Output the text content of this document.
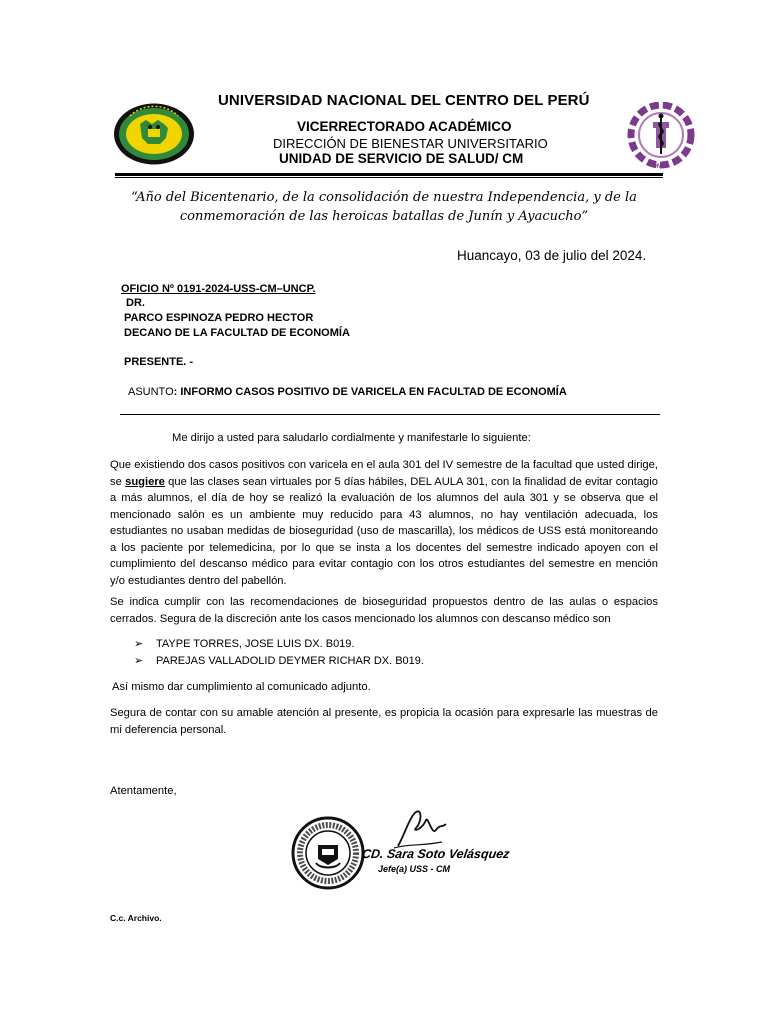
UNCP
UNIVERSIDAD NACIONAL DEL CENTRO DEL PERÚ
VICERRECTORADO ACADÉMICO
DIRECCIÓN DE BIENESTAR UNIVERSITARIO
UNIDAD DE SERVICIO DE SALUD/ CM
“Año del Bicentenario, de la consolidación de nuestra Independencia, y de la
conmemoración de las heroicas batallas de Junín y Ayacucho”
Huancayo, 03 de julio del 2024.
OFICIO Nº 0191-2024-USS-CM–UNCP.
DR.
PARCO ESPINOZA PEDRO HECTOR
DECANO DE LA FACULTAD DE ECONOMÍA
PRESENTE. -
ASUNTO: INFORMO CASOS POSITIVO DE VARICELA EN FACULTAD DE ECONOMÍA
Me dirijo a usted para saludarlo cordialmente y manifestarle lo siguiente:
Que existiendo dos casos positivos con varicela en el aula 301 del IV semestre de la facultad que usted dirige, se sugiere que las clases sean virtuales por 5 días hábiles, DEL AULA 301, con la finalidad de evitar contagio a más alumnos, el día de hoy se realizó la evaluación de los alumnos del aula 301 y se observa que el mencionado salón es un ambiente muy reducido para 43 alumnos, no hay ventilación adecuada, los estudiantes no usaban medidas de bioseguridad (uso de mascarilla), los médicos de USS está monitoreando a los paciente por telemedicina, por lo que se insta a los docentes del semestre indicado apoyen con el cumplimiento del descanso médico para evitar contagio con los otros estudiantes del semestre en mención y/o estudiantes dentro del pabellón.
Se indica cumplir con las recomendaciones de bioseguridad propuestos dentro de las aulas o espacios cerrados. Segura de la discreción ante los casos mencionado los alumnos con descanso médico son
➢ TAYPE TORRES, JOSE LUIS DX. B019.
➢ PAREJAS VALLADOLID DEYMER RICHAR DX. B019.
Así mismo dar cumplimiento al comunicado adjunto.
Segura de contar con su amable atención al presente, es propicia la ocasión para expresarle las muestras de mi deferencia personal.
Atentamente,
CD. Sara Soto Velásquez
Jefe(a) USS - CM
C.c. Archivo.
